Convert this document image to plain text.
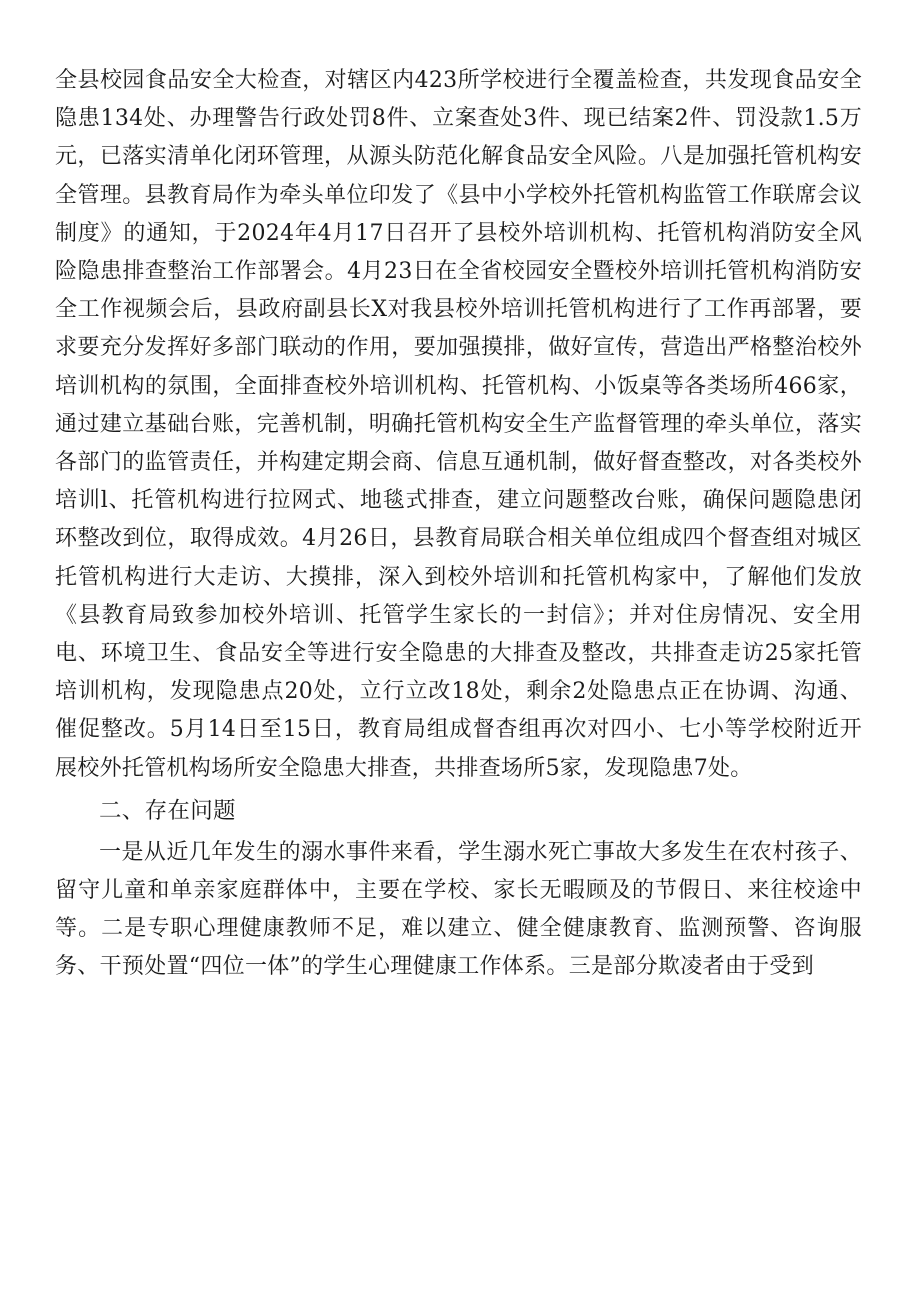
全县校园食品安全大检查，对辖区内423所学校进行全覆盖检查，共发现食品安全隐患134处、办理警告行政处罚8件、立案查处3件、现已结案2件、罚没款1.5万元，已落实清单化闭环管理，从源头防范化解食品安全风险。八是加强托管机构安全管理。县教育局作为牵头单位印发了《县中小学校外托管机构监管工作联席会议制度》的通知，于2024年4月17日召开了县校外培训机构、托管机构消防安全风险隐患排查整治工作部署会。4月23日在全省校园安全暨校外培训托管机构消防安全工作视频会后，县政府副县长X对我县校外培训托管机构进行了工作再部署，要求要充分发挥好多部门联动的作用，要加强摸排，做好宣传，营造出严格整治校外培训机构的氛围，全面排查校外培训机构、托管机构、小饭桌等各类场所466家，通过建立基础台账，完善机制，明确托管机构安全生产监督管理的牵头单位，落实各部门的监管责任，并构建定期会商、信息互通机制，做好督查整改，对各类校外培训l、托管机构进行拉网式、地毯式排查，建立问题整改台账，确保问题隐患闭环整改到位，取得成效。4月26日，县教育局联合相关单位组成四个督查组对城区托管机构进行大走访、大摸排，深入到校外培训和托管机构家中，了解他们发放《县教育局致参加校外培训、托管学生家长的一封信》；并对住房情况、安全用电、环境卫生、食品安全等进行安全隐患的大排查及整改，共排查走访25家托管培训机构，发现隐患点20处，立行立改18处，剩余2处隐患点正在协调、沟通、催促整改。5月14日至15日，教育局组成督杳组再次对四小、七小等学校附近开展校外托管机构场所安全隐患大排查，共排查场所5家，发现隐患7处。

二、存在问题

一是从近几年发生的溺水事件来看，学生溺水死亡事故大多发生在农村孩子、留守儿童和单亲家庭群体中，主要在学校、家长无暇顾及的节假日、来往校途中等。二是专职心理健康教师不足，难以建立、健全健康教育、监测预警、咨询服务、干预处置“四位一体”的学生心理健康工作体系。三是部分欺凌者由于受到
